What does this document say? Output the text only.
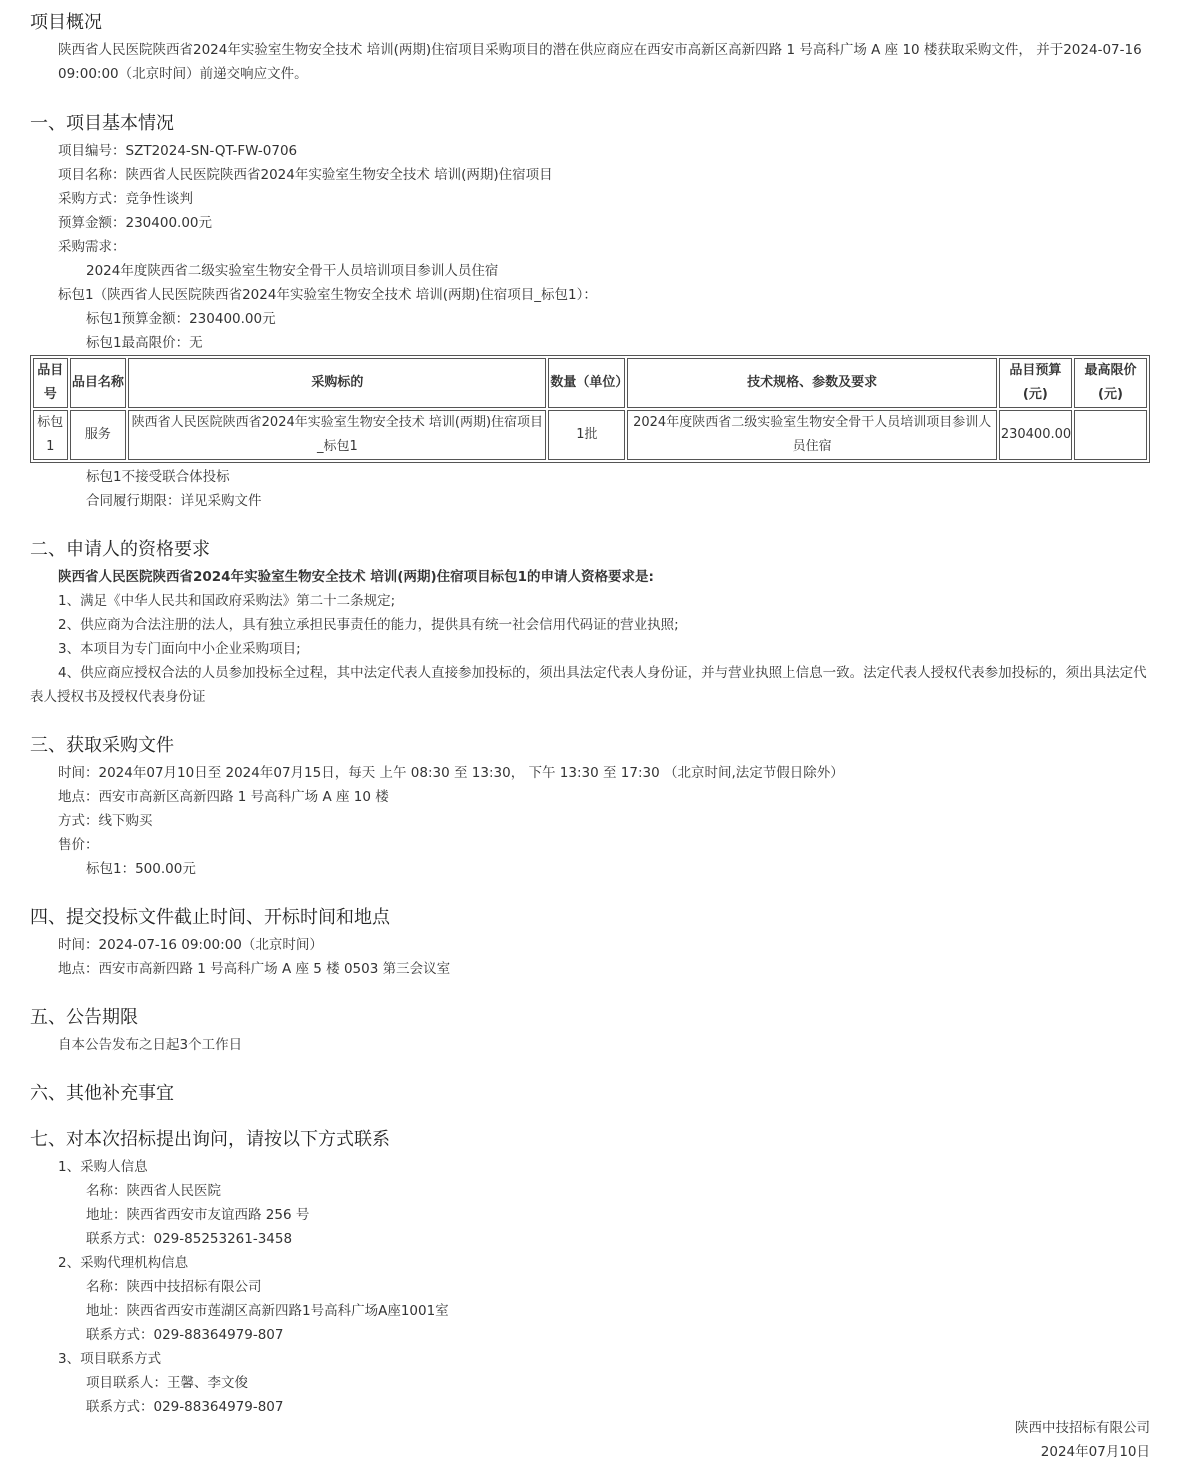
项目概况
陕西省人民医院陕西省2024年实验室生物安全技术 培训(两期)住宿项目采购项目的潜在供应商应在西安市高新区高新四路 1 号高科广场 A 座 10 楼获取采购文件， 并于2024-07-16 09:00:00（北京时间）前递交响应文件。
一、项目基本情况
项目编号：SZT2024-SN-QT-FW-0706
项目名称：陕西省人民医院陕西省2024年实验室生物安全技术 培训(两期)住宿项目
采购方式：竞争性谈判
预算金额：230400.00元
采购需求：
2024年度陕西省二级实验室生物安全骨干人员培训项目参训人员住宿
标包1（陕西省人民医院陕西省2024年实验室生物安全技术 培训(两期)住宿项目_标包1）：
标包1预算金额：230400.00元
标包1最高限价：无
品目号	品目名称	采购标的	数量（单位）	技术规格、参数及要求	品目预算(元)	最高限价(元)
标包1	服务	陕西省人民医院陕西省2024年实验室生物安全技术 培训(两期)住宿项目_标包1	1批	2024年度陕西省二级实验室生物安全骨干人员培训项目参训人员住宿	230400.00	
标包1不接受联合体投标
合同履行期限：详见采购文件
二、申请人的资格要求
陕西省人民医院陕西省2024年实验室生物安全技术 培训(两期)住宿项目标包1的申请人资格要求是:
1、满足《中华人民共和国政府采购法》第二十二条规定;
2、供应商为合法注册的法人，具有独立承担民事责任的能力，提供具有统一社会信用代码证的营业执照;
3、本项目为专门面向中小企业采购项目;
4、供应商应授权合法的人员参加投标全过程，其中法定代表人直接参加投标的，须出具法定代表人身份证，并与营业执照上信息一致。法定代表人授权代表参加投标的，须出具法定代表人授权书及授权代表身份证
三、获取采购文件
时间：2024年07月10日至 2024年07月15日，每天 上午 08:30 至 13:30， 下午 13:30 至 17:30 （北京时间,法定节假日除外）
地点：西安市高新区高新四路 1 号高科广场 A 座 10 楼
方式：线下购买
售价：
标包1：500.00元
四、提交投标文件截止时间、开标时间和地点
时间：2024-07-16 09:00:00（北京时间）
地点：西安市高新四路 1 号高科广场 A 座 5 楼 0503 第三会议室
五、公告期限
自本公告发布之日起3个工作日
六、其他补充事宜
七、对本次招标提出询问，请按以下方式联系
1、采购人信息
名称：陕西省人民医院
地址：陕西省西安市友谊西路 256 号
联系方式：029-85253261-3458
2、采购代理机构信息
名称：陕西中技招标有限公司
地址：陕西省西安市莲湖区高新四路1号高科广场A座1001室
联系方式：029-88364979-807
3、项目联系方式
项目联系人：王馨、李文俊
联系方式：029-88364979-807
陕西中技招标有限公司
2024年07月10日
